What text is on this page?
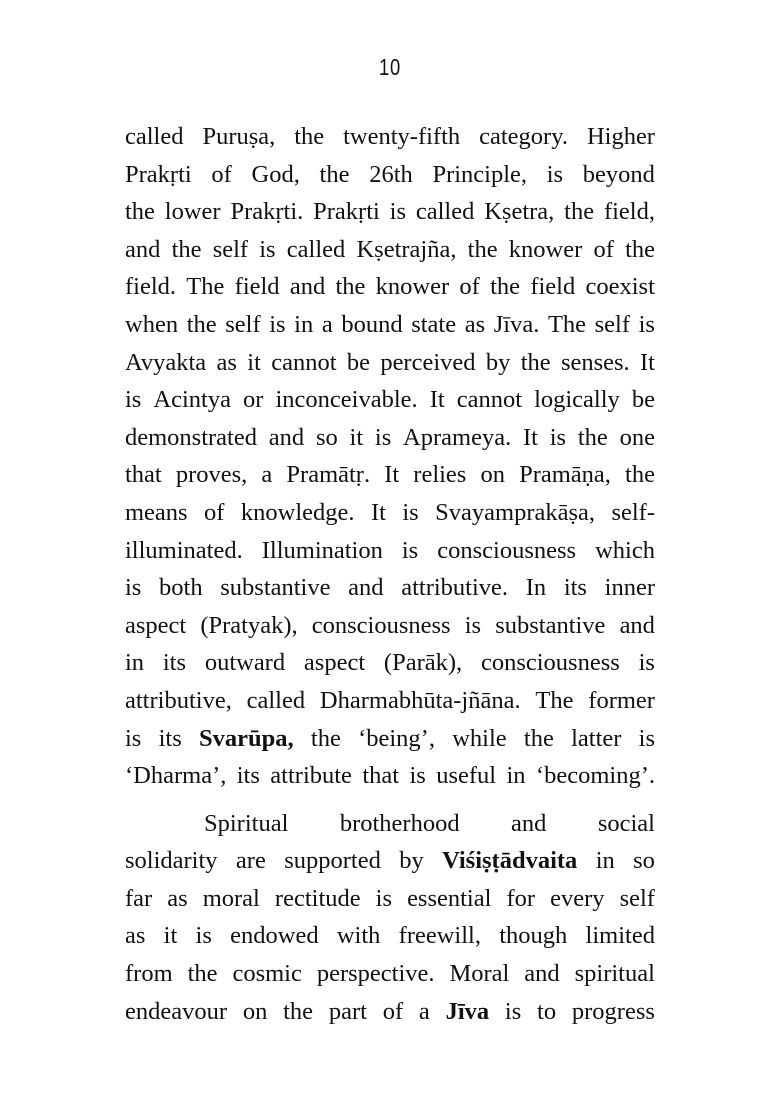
10
called Puruṣa, the twenty-fifth category. Higher
Prakṛti of God, the 26th Principle, is beyond
the lower Prakṛti. Prakṛti is called Kṣetra, the field,
and the self is called Kṣetrajña, the knower of the
field. The field and the knower of the field coexist
when the self is in a bound state as Jīva. The self is
Avyakta as it cannot be perceived by the senses. It
is Acintya or inconceivable. It cannot logically be
demonstrated and so it is Aprameya. It is the one
that proves, a Pramātṛ. It relies on Pramāṇa, the
means of knowledge. It is Svayamprakāṣa, self-
illuminated. Illumination is consciousness which
is both substantive and attributive. In its inner
aspect (Pratyak), consciousness is substantive and
in its outward aspect (Parāk), consciousness is
attributive, called Dharmabhūta-jñāna. The former
is its Svarūpa, the ‘being’, while the latter is
‘Dharma’, its attribute that is useful in ‘becoming’.
Spiritual brotherhood and social
solidarity are supported by Viśiṣṭādvaita in so
far as moral rectitude is essential for every self
as it is endowed with freewill, though limited
from the cosmic perspective. Moral and spiritual
endeavour on the part of a Jīva is to progress
